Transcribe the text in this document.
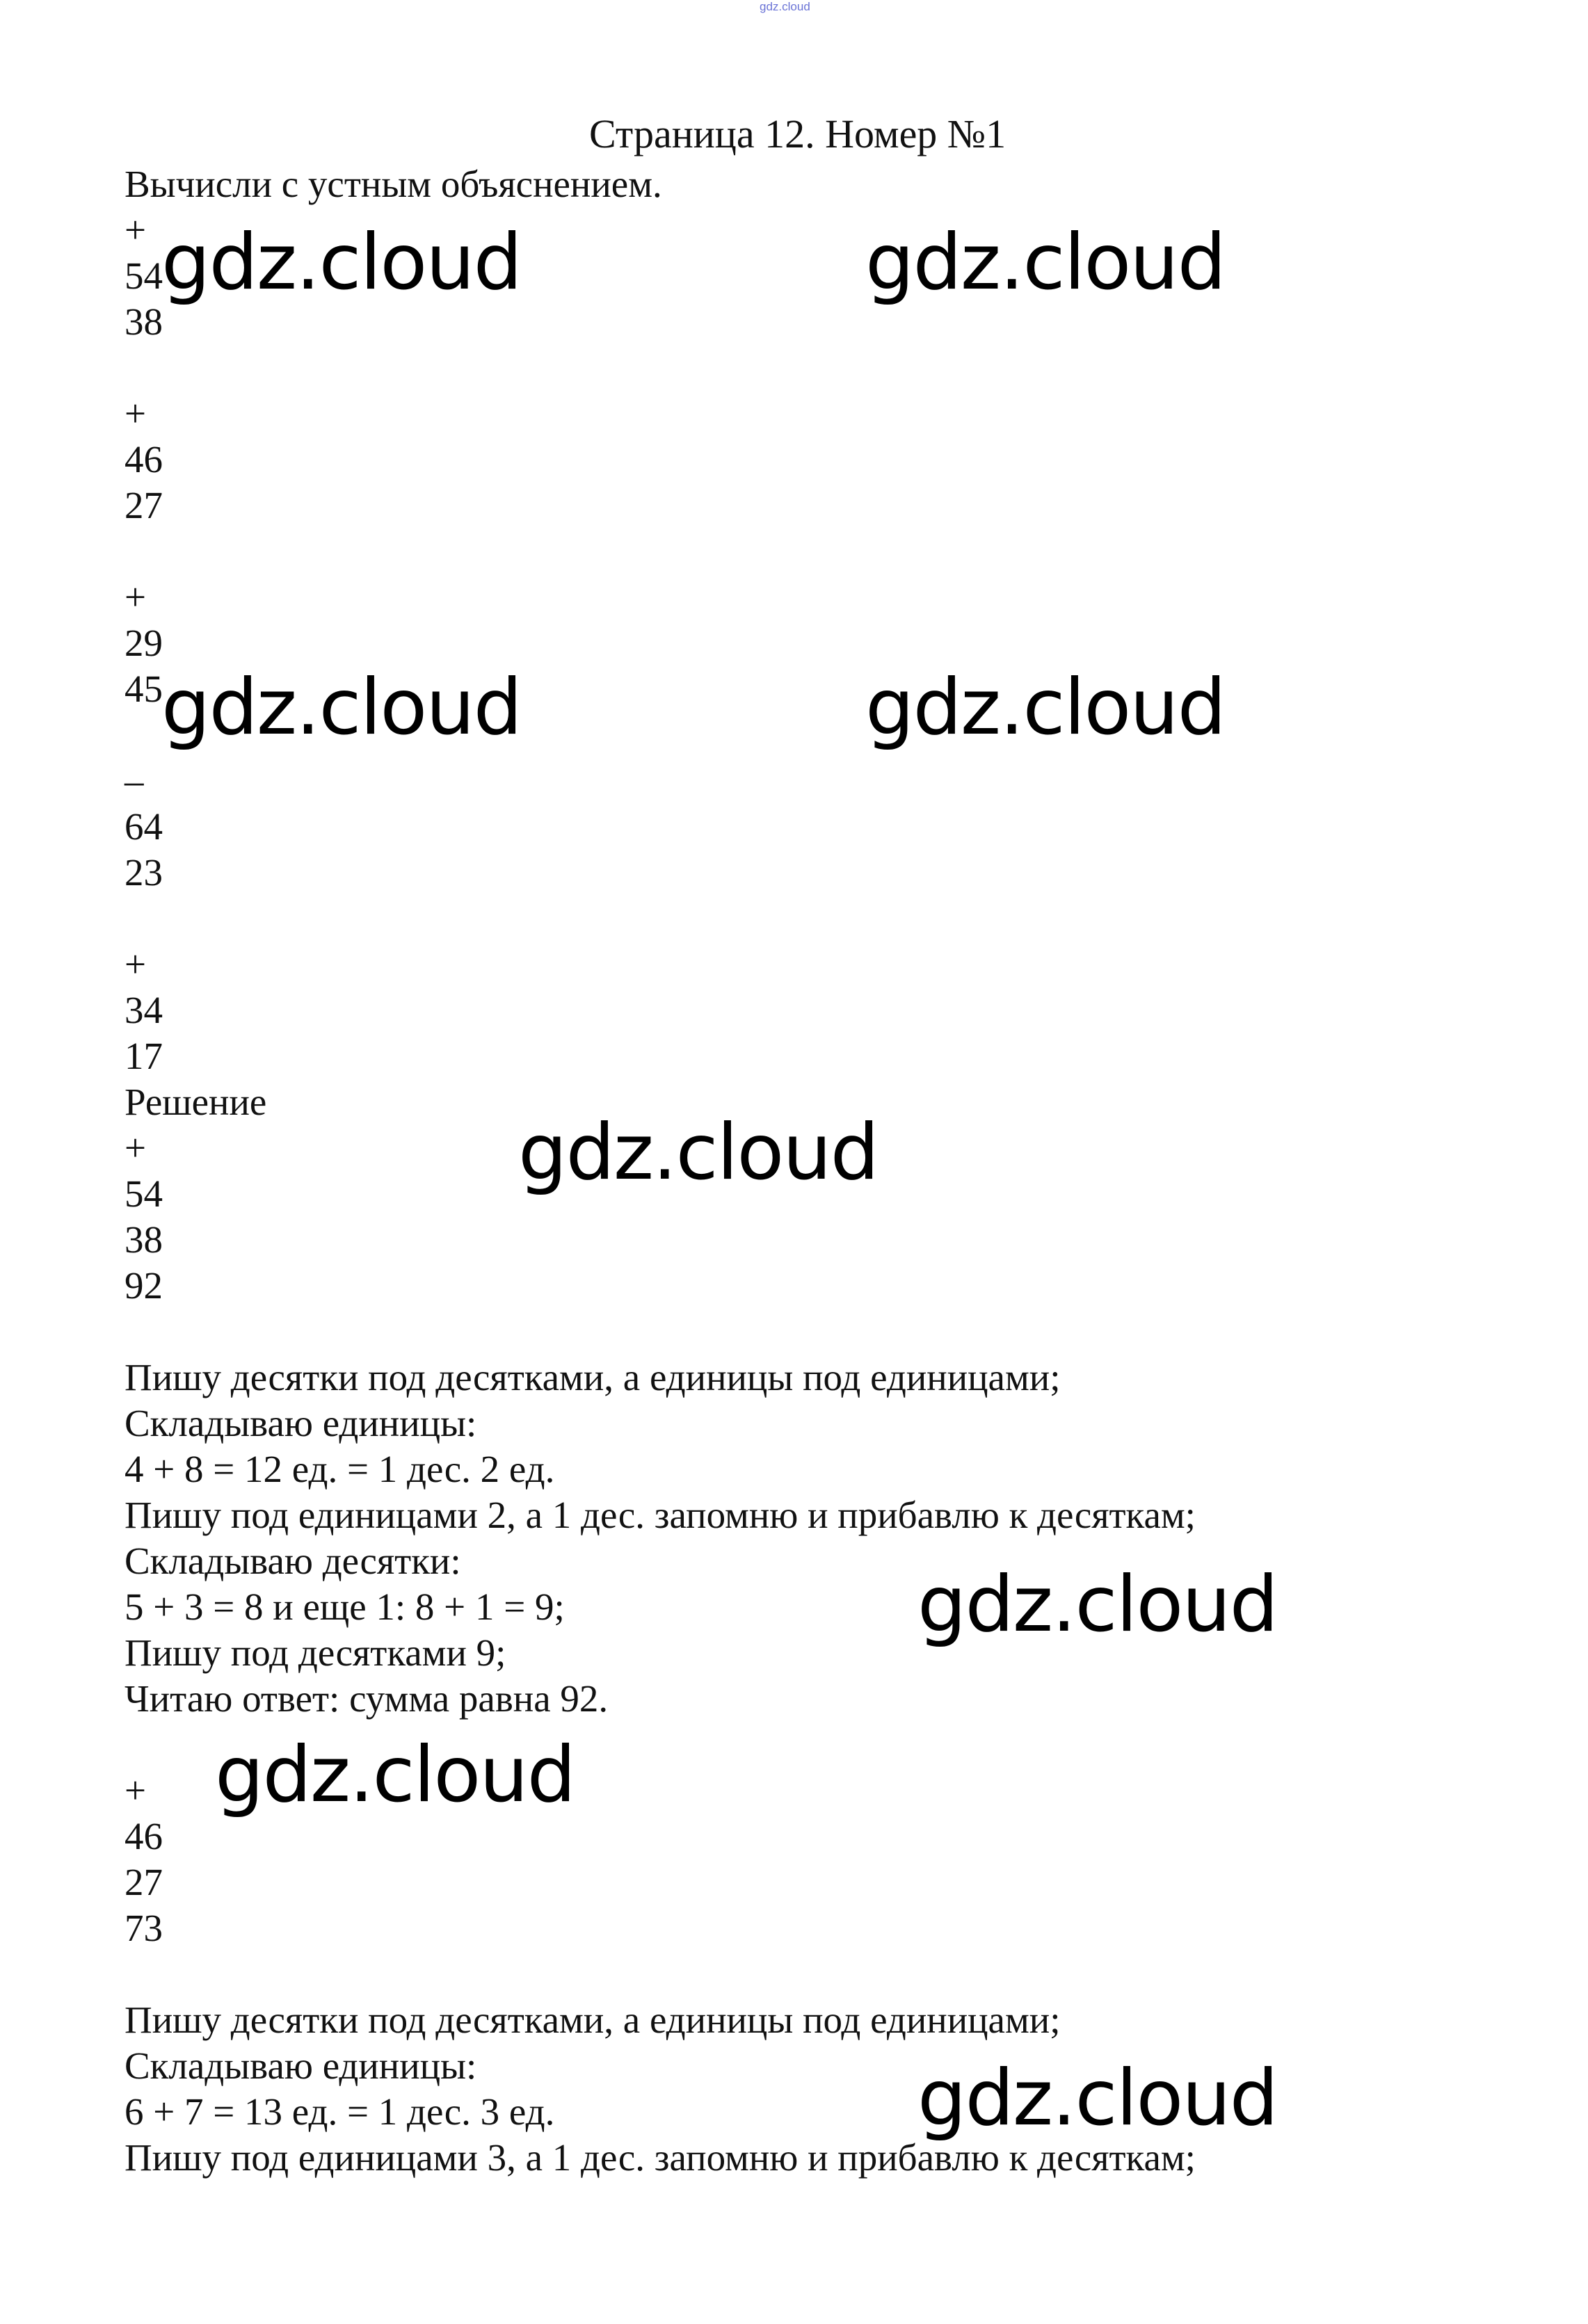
gdz.cloud
Страница 12. Номер №1
Вычисли с устным объяснением.
+
54
38
+
46
27
+
29
45
–
64
23
+
34
17
Решение
+
54
38
92
Пишу десятки под десятками, а единицы под единицами;
Складываю единицы:
4 + 8 = 12 ед. = 1 дес. 2 ед.
Пишу под единицами 2, а 1 дес. запомню и прибавлю к десяткам;
Складываю десятки:
5 + 3 = 8 и еще 1: 8 + 1 = 9;
Пишу под десятками 9;
Читаю ответ: сумма равна 92.
+
46
27
73
Пишу десятки под десятками, а единицы под единицами;
Складываю единицы:
6 + 7 = 13 ед. = 1 дес. 3 ед.
Пишу под единицами 3, а 1 дес. запомню и прибавлю к десяткам;
gdz.cloud	gdz.cloud
gdz.cloud	gdz.cloud
gdz.cloud
gdz.cloud
gdz.cloud
gdz.cloud
